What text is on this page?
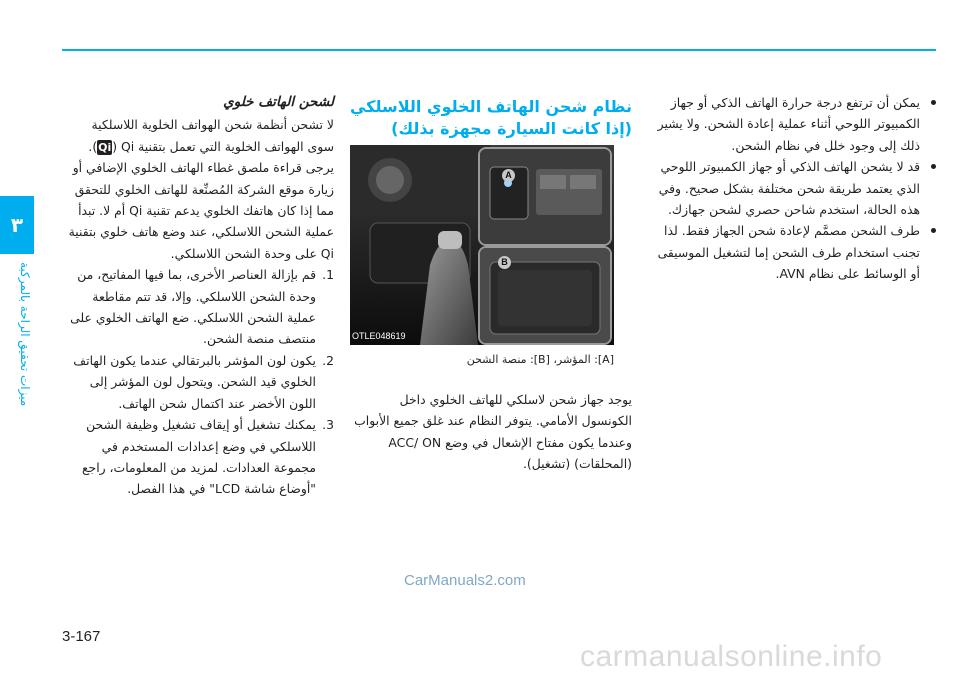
٣
ميزات تحقيق الراحة بالمركبة

لشحن الهاتف خلوي

لا تشحن أنظمة شحن الهواتف الخلوية اللاسلكية سوى الهواتف الخلوية التي تعمل بتقنية Qi (Qi). يرجى قراءة ملصق غطاء الهاتف الخلوي الإضافي أو زيارة موقع الشركة المُصنِّعة للهاتف الخلوي للتحقق مما إذا كان هاتفك الخلوي يدعم تقنية Qi أم لا. تبدأ عملية الشحن اللاسلكي، عند وضع هاتف خلوي بتقنية Qi على وحدة الشحن اللاسلكي.

1.
قم بإزالة العناصر الأخرى، بما فيها المفاتيح، من وحدة الشحن اللاسلكي. وإلا، قد تتم مقاطعة عملية الشحن اللاسلكي. ضع الهاتف الخلوي على منتصف منصة الشحن.
2.
يكون لون المؤشر بالبرتقالي عندما يكون الهاتف الخلوي قيد الشحن. ويتحول لون المؤشر إلى اللون الأخضر عند اكتمال شحن الهاتف.
3.
يمكنك تشغيل أو إيقاف تشغيل وظيفة الشحن اللاسلكي في وضع إعدادات المستخدم في مجموعة العدادات. لمزيد من المعلومات، راجع "أوضاع شاشة LCD" في هذا الفصل.
نظام شحن الهاتف الخلوي اللاسلكي (إذا كانت السيارة مجهزة بذلك)
A
B
OTLE048619
[A]: المؤشر، [B]: منصة الشحن
يوجد جهاز شحن لاسلكي للهاتف الخلوي داخل الكونسول الأمامي. يتوفر النظام عند غلق جميع الأبواب وعندما يكون مفتاح الإشعال في وضع ACC/ ON (المحلقات) (تشغيل).
يمكن أن ترتفع درجة حرارة الهاتف الذكي أو جهاز الكمبيوتر اللوحي أثناء عملية إعادة الشحن. ولا يشير ذلك إلى وجود خلل في نظام الشحن.
قد لا يشحن الهاتف الذكي أو جهاز الكمبيوتر اللوحي الذي يعتمد طريقة شحن مختلفة بشكل صحيح. وفي هذه الحالة، استخدم شاحن حصري لشحن جهازك.
طرف الشحن مصمَّم لإعادة شحن الجهاز فقط. لذا تجنب استخدام طرف الشحن إما لتشغيل الموسيقى أو الوسائط على نظام AVN.
3-167
CarManuals2.com
carmanualsonline.info
